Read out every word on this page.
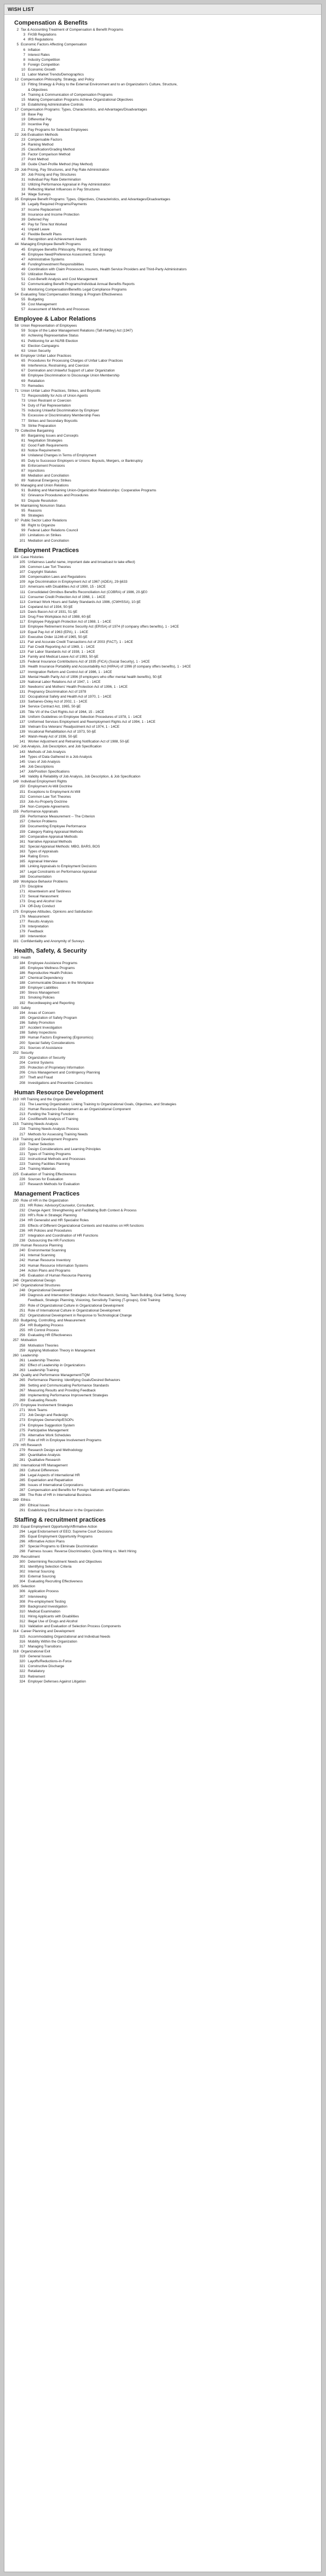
WISH LIST
Compensation & Benefits
2 Tax & Accounting Treatment of Compensation & Benefit Programs
3 FASB Regulations
4 IRS Regulations
5 Economic Factors Affecting Compensation
6 Inflation
7 Interest Rates
8 Industry Competition
9 Foreign Competition
10 Economic Growth
11 Labor Market Trends/Demographics
12 Compensation Philosophy, Strategy, and Policy
13 Fitting Strategy & Policy to the External Environment and to an Organization's Culture, Structure,
& Objectives
14 Training & Communication of Compensation Programs
15 Making Compensation Programs Achieve Organizational Objectives
16 Establishing Administrative Controls
17 Compensation Programs: Types, Characteristics, and Advantages/Disadvantages
18 Base Pay
19 Differential Pay
20 Incentive Pay
21 Pay Programs for Selected Employees
22 Job Evaluation Methods
23 Compensable Factors
24 Ranking Method
25 Classification/Grading Method
26 Factor Comparison Method
27 Point Method
28 Guide Chart-Profile Method (Hay Method)
29 Job Pricing, Pay Structures, and Pay Rate Administration
30 Job Pricing and Pay Structures
31 Individual Pay Rate Determination
32 Utilizing Performance Appraisal in Pay Administration
33 Reflecting Market Influences in Pay Structures
34 Wage Surveys
35 Employee Benefit Programs: Types, Objectives, Characteristics, and Advantages/Disadvantages
36 Legally Required Programs/Payments
37 Income Replacement
38 Insurance and Income Protection
39 Deferred Pay
40 Pay for Time Not Worked
41 Unpaid Leave
42 Flexible Benefit Plans
43 Recognition and Achievement Awards
44 Managing Employee Benefit Programs
45 Employee Benefits Philosophy, Planning, and Strategy
46 Employee Need/Preference Assessment: Surveys
47 Administrative Systems
48 Funding/Investment Responsibilities
49 Coordination with Claim Processors, Insurers, Health Service Providers and Third-Party Administrators
50 Utilization Review
51 Cost-Benefit Analysis and Cost Management
52 Communicating Benefit Programs/Individual Annual Benefits Reports
53 Monitoring Compensation/Benefits Legal Compliance Programs
54 Evaluating Total Compensation Strategy & Program Effectiveness
55 Budgeting
56 Cost Management
57 Assessment of Methods and Processes
Employee & Labor Relations
58 Union Representation of Employees
59 Scope of the Labor Management Relations (Taft-Hartley) Act (1947)
60 Achieving Representative Status
61 Petitioning for an NLRB Election
62 Election Campaigns
63 Union Security
64 Employer Unfair Labor Practices
65 Procedures for Processing Charges of Unfair Labor Practices
66 Interference, Restraining, and Coercion
67 Domination and Unlawful Support of Labor Organization
68 Employee Discrimination to Discourage Union Membership
69 Retaliation
70 Remedies
71 Union Unfair Labor Practices, Strikes, and Boycotts
72 Responsibility for Acts of Union Agents
73 Union Restraint or Coercion
74 Duty of Fair Representation
75 Inducing Unlawful Discrimination by Employer
76 Excessive or Discriminatory Membership Fees
77 Strikes and Secondary Boycotts
78 Strike Preparation
79 Collective Bargaining
80 Bargaining Issues and Concepts
81 Negotiation Strategies
82 Good Faith Requirements
83 Notice Requirements
84 Unilateral Changes in Terms of Employment
85 Duty to Successor Employers or Unions: Buyouts, Mergers, or Bankruptcy
86 Enforcement Provisions
87 Injunctions
88 Mediation and Conciliation
89 National Emergency Strikes
90 Managing and Union Relations
91 Building and Maintaining Union-Organization Relationships: Cooperative Programs
92 Grievance Procedures and Procedures
93 Dispute Resolution
94 Maintaining Nonunion Status
95 Reasons
96 Strategies
97 Public Sector Labor Relations
98 Right to Organize
99 Federal Labor Relations Council
100 Limitations on Strikes
101 Mediation and Conciliation
Employment Practices
104 Case Histories
105 Unfairness Lawful name, important date and broadcast to take effect)
106 Common Law Tort Theories
107 Copyright Statutes
108 Compensation Laws and Regulations
109 Age Discrimination in Employment Act of 1967 (ADEA), 29-§633
110 Americans with Disabilities Act of 1990, 15 - 16CE
111 Consolidated Omnibus Benefits Reconciliation Act (COBRA) of 1986, 20-§E0
112 Consumer Credit Protection Act of 1968, 1 - 14CE
113 Contract Work Hours and Safety Standards Act 1986, (CWHSSA), 10-§E
114 Copeland Act of 1934, 50-§E
115 Davis Bacon Act of 1931, 51-§E
116 Drug Free Workplace Act of 1988, 60-§E
117 Employee Polygraph Protection Act of 1988, 1 - 14CE
118 Employee Retirement Income Security Act (ERISA) of 1974 (if company offers benefits), 1 - 14CE
119 Equal Pay Act of 1963 (EPA), 1 - 14CE
120 Executive Order 11246 of 1965, 50-§E
121 Fair and Accurate Credit Transactions Act of 2003 (FACT), 1 - 14CE
122 Fair Credit Reporting Act of 1969, 1 - 14CE
123 Fair Labor Standards Act of 1938, 1 - 14CE
124 Family and Medical Leave Act of 1993, 50-§E
125 Federal Insurance Contributions Act of 1935 (FICA) (Social Security), 1 - 14CE
126 Health Insurance Portability and Accountability Act (HIPAA) of 1996 (if company offers benefits), 1 - 14CE
127 Immigration Reform and Control Act of 1986, 1 - 14CE
128 Mental Health Parity Act of 1996 (if employers who offer mental health benefits), 50-§E
129 National Labor Relations Act of 1947, 1 - 14CE
130 Newborns' and Mothers' Health Protection Act of 1996, 1 - 14CE
131 Pregnancy Discrimination Act of 1978
132 Occupational Safety and Health Act of 1970, 1 - 14CE
133 Sarbanes-Oxley Act of 2002, 1 - 14CE
134 Service Contract Act, 1965, 50-§E
135 Title VII of the Civil Rights Act of 1964, 15 - 16CE
136 Uniform Guidelines on Employee Selection Procedures of 1978, 1 - 14CE
137 Uniformed Services Employment and Reemployment Rights Act of 1994, 1 - 14CE
138 Vietnam Era Veterans' Readjustment Act of 1974, 1 - 14CE
139 Vocational Rehabilitation Act of 1973, 50-§E
140 Walsh-Healy Act of 1936, 50-§E
141 Worker Adjustment and Retraining Notification Act of 1988, 50-§E
142 Job Analysis, Job Description, and Job Specification
143 Methods of Job Analysis
144 Types of Data Gathered in a Job Analysis
145 Uses of Job Analysis
146 Job Descriptions
147 Job/Position Specifications
148 Validity & Reliability of Job Analysis, Job Description, & Job Specification
149 Individual Employment Rights
150 Employment At-Will Doctrine
151 Exceptions to Employment At-Will
152 Common Law Tort Theories
153 Job-As-Property Doctrine
154 Non-Compete Agreements
155 Performance Appraisals
156 Performance Measurement -- The Criterion
157 Criterion Problems
158 Documenting Employee Performance
159 Category Rating Appraisal Methods
160 Comparative Appraisal Methods
161 Narrative Appraisal Methods
162 Special Appraisal Methods: MBO, BARS, BOS
163 Types of Appraisals
164 Rating Errors
165 Appraisal Interview
166 Linking Appraisals to Employment Decisions
167 Legal Constraints on Performance Appraisal
168 Documentation
169 Workplace Behavior Problems
170 Discipline
171 Absenteeism and Tardiness
172 Sexual Harassment
173 Drug and Alcohol Use
174 Off-Duty Conduct
175 Employee Attitudes, Opinions and Satisfaction
176 Measurement
177 Results Analysis
178 Interpretation
179 Feedback
180 Intervention
181 Confidentiality and Anonymity of Surveys
Health, Safety, & Security
183 Health
184 Employee Assistance Programs
185 Employee Wellness Programs
186 Reproductive Health Policies
187 Chemical Dependency
188 Communicable Diseases in the Workplace
189 Employer Liabilities
190 Stress Management
191 Smoking Policies
192 Recordkeeping and Reporting
193 Safety
194 Areas of Concern
195 Organization of Safety Program
196 Safety Promotion
197 Accident Investigation
198 Safety Inspections
199 Human Factors Engineering (Ergonomics)
200 Special Safety Considerations
201 Sources of Assistance
202 Security
203 Organization of Security
204 Control Systems
205 Protection of Proprietary Information
206 Crisis Management and Contingency Planning
207 Theft and Fraud
208 Investigations and Preventive Corrections
Human Resource Development
210 HR Training and the Organization
211 The Learning Organization: Linking Training to Organizational Goals, Objectives, and Strategies
212 Human Resources Development as an Organizational Component
213 Funding the Training Function
214 Cost/Benefit Analysis of Training
215 Training Needs Analysis
216 Training Needs Analysis Process
217 Methods for Assessing Training Needs
218 Training and Development Programs
219 Trainer Selection
220 Design Considerations and Learning Principles
221 Types of Training Programs
222 Instructional Methods and Processes
223 Training Facilities Planning
224 Training Materials
225 Evaluation of Training Effectiveness
226 Sources for Evaluation
227 Research Methods for Evaluation
Management Practices
230 Role of HR in the Organization
231 HR Roles: Advisory/Counselor, Consultant,
232 Change Agent: Strengthening and Facilitating Both Context & Process
233 HR's Role in Strategic Planning
234 HR Generalist and HR Specialist Roles
235 Effects of Different Organizational Contexts and Industries on HR functions
236 HR Policies and Procedures
237 Integration and Coordination of HR Functions
238 Outsourcing the HR Functions
239 Human Resource Planning
240 Environmental Scanning
241 Internal Scanning
242 Human Resource Inventory
243 Human Resource Information Systems
244 Action Plans and Programs
245 Evaluation of Human Resource Planning
246 Organizational Design
247 Organizational Structures
248 Organizational Development
249 Diagnosis and Intervention Strategies: Action Research, Sensing, Team Building, Goal Setting, Survey
Feedback, Strategic Planning, Visioning, Sensitivity Training (T-groups), Grid Training
250 Role of Organizational Culture in Organizational Development
251 Role of International Culture in Organizational Development
252 Organizational Development in Response to Technological Change
253 Budgeting, Controlling, and Measurement
254 HR Budgeting Process
255 HR Control Process
256 Evaluating HR Effectiveness
257 Motivation
258 Motivation Theories
259 Applying Motivation Theory in Management
260 Leadership
261 Leadership Theories
262 Effect of Leadership in Organizations
263 Leadership Training
264 Quality and Performance Management/TQM
265 Performance Planning: Identifying Goals/Desired Behaviors
266 Setting and Communicating Performance Standards
267 Measuring Results and Providing Feedback
268 Implementing Performance Improvement Strategies
269 Evaluating Results
270 Employee Involvement Strategies
271 Work Teams
272 Job Design and Redesign
273 Employee Ownership/ESOPs
274 Employee Suggestion System
275 Participative Management
276 Alternative Work Schedules
277 Role of HR in Employee Involvement Programs
278 HR Research
279 Research Design and Methodology
280 Quantitative Analysis
281 Qualitative Research
282 International HR Management
283 Cultural Differences
284 Legal Aspects of International HR
285 Expatriation and Repatriation
286 Issues of International Corporations
287 Compensation and Benefits for Foreign Nationals and Expatriates
288 The Role of HR in International Business
289 Ethics
290 Ethical Issues
291 Establishing Ethical Behavior in the Organization
Staffing & recruitment practices
293 Equal Employment Opportunity/Affirmative Action
294 Legal Endorsement of EEO; Supreme Court Decisions
295 Equal Employment Opportunity Programs
296 Affirmative Action Plans
297 Special Programs to Eliminate Discrimination
298 Fairness Issues: Reverse Discrimination, Quota Hiring vs. Merit Hiring
299 Recruitment
300 Determining Recruitment Needs and Objectives
301 Identifying Selection Criteria
302 Internal Sourcing
303 External Sourcing
304 Evaluating Recruiting Effectiveness
305 Selection
306 Application Process
307 Interviewing
308 Pre-employment Testing
309 Background Investigation
310 Medical Examination
311 Hiring Applicants with Disabilities
312 Illegal Use of Drugs and Alcohol
313 Validation and Evaluation of Selection Process Components
314 Career Planning and Development
315 Accommodating Organizational and Individual Needs
316 Mobility Within the Organization
317 Managing Transitions
318 Organizational Exit
319 General Issues
320 Layoffs/Reductions-in-Force
321 Constructive Discharge
322 Retaliatory
323 Retirement
324 Employer Defenses Against Litigation
